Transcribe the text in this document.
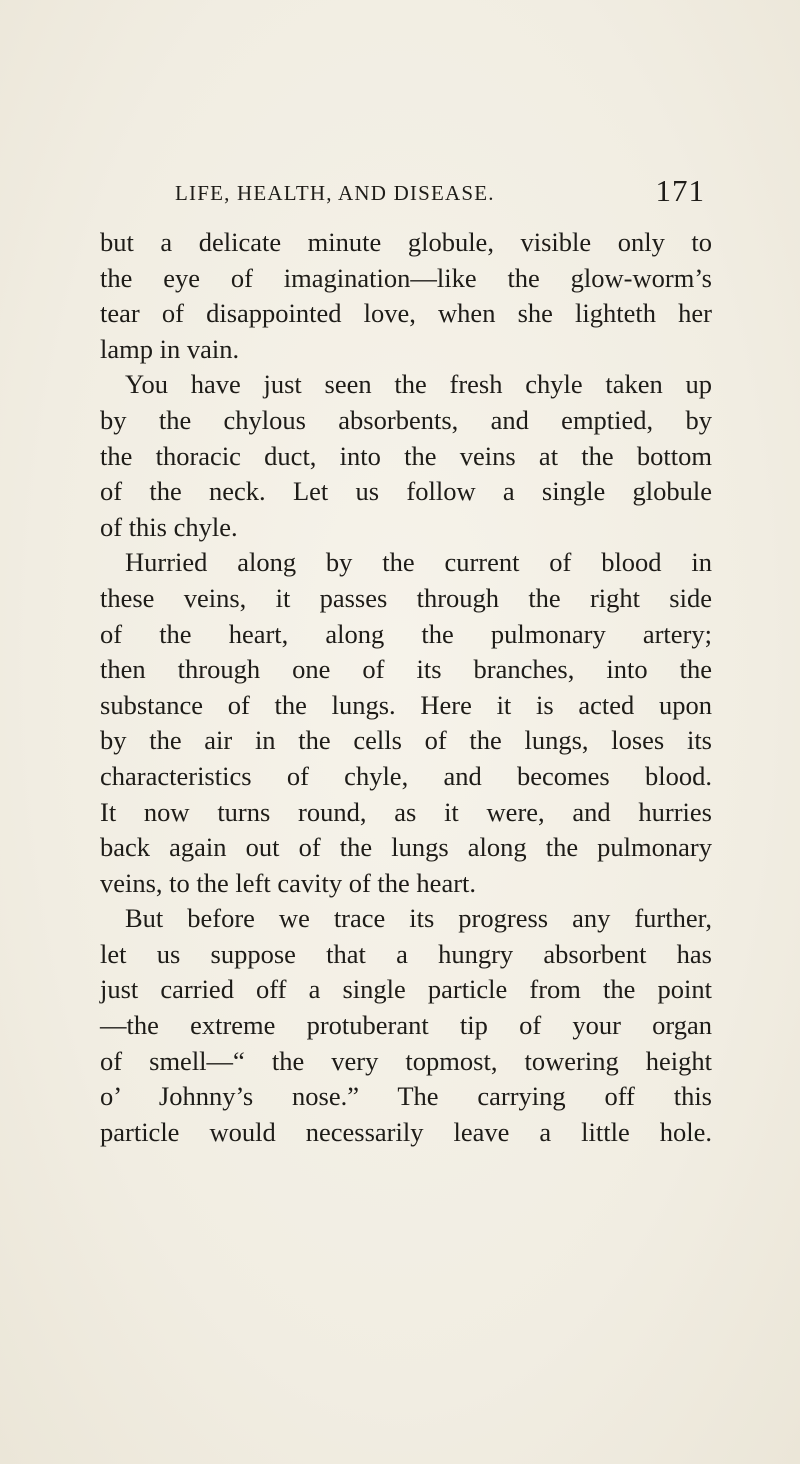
LIFE, HEALTH, AND DISEASE.	171
but a delicate minute globule, visible only to
the eye of imagination—like the glow-worm’s
tear of disappointed love, when she lighteth her
lamp in vain.
You have just seen the fresh chyle taken up
by the chylous absorbents, and emptied, by
the thoracic duct, into the veins at the bottom
of the neck. Let us follow a single globule
of this chyle.
Hurried along by the current of blood in
these veins, it passes through the right side
of the heart, along the pulmonary artery;
then through one of its branches, into the
substance of the lungs. Here it is acted upon
by the air in the cells of the lungs, loses its
characteristics of chyle, and becomes blood.
It now turns round, as it were, and hurries
back again out of the lungs along the pulmonary
veins, to the left cavity of the heart.
But before we trace its progress any further,
let us suppose that a hungry absorbent has
just carried off a single particle from the point
—the extreme protuberant tip of your organ
of smell—“ the very topmost, towering height
o’ Johnny’s nose.” The carrying off this
particle would necessarily leave a little hole.
